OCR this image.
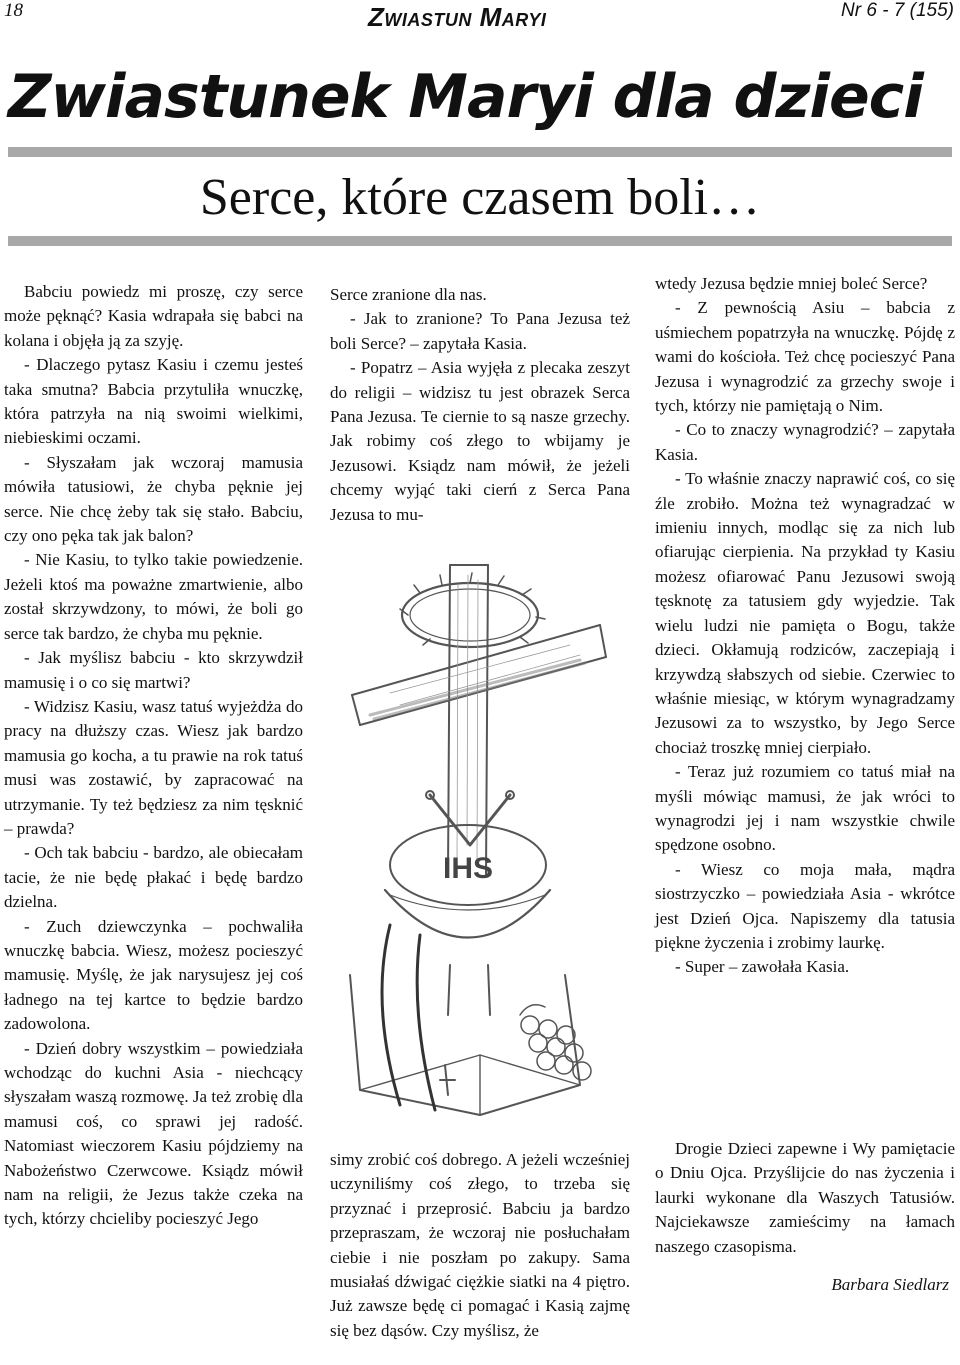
18	Zwiastun Maryi	Nr 6 - 7 (155)
Zwiastunek Maryi dla dzieci
Serce, które czasem boli…

Babciu powiedz mi proszę, czy serce może pęknąć? Kasia wdrapała się babci na kolana i objęła ją za szyję.

- Dlaczego pytasz Kasiu i czemu jesteś taka smutna? Babcia przytuliła wnuczkę, która patrzyła na nią swoimi wielkimi, niebieskimi oczami.

- Słyszałam jak wczoraj mamusia mówiła tatusiowi, że chyba pęknie jej serce. Nie chcę żeby tak się stało. Babciu, czy ono pęka tak jak balon?

- Nie Kasiu, to tylko takie powiedzenie. Jeżeli ktoś ma poważne zmartwienie, albo został skrzywdzony, to mówi, że boli go serce tak bardzo, że chyba mu pęknie.

- Jak myślisz babciu - kto skrzywdził mamusię i o co się martwi?

- Widzisz Kasiu, wasz tatuś wyjeżdża do pracy na dłuższy czas. Wiesz jak bardzo mamusia go kocha, a tu prawie na rok tatuś musi was zostawić, by zapracować na utrzymanie. Ty też będziesz za nim tęsknić – prawda?

- Och tak babciu - bardzo, ale obiecałam tacie, że nie będę płakać i będę bardzo dzielna.

- Zuch dziewczynka – pochwaliła wnuczkę babcia. Wiesz, możesz pocieszyć mamusię. Myślę, że jak narysujesz jej coś ładnego na tej kartce to będzie bardzo zadowolona.

- Dzień dobry wszystkim – powiedziała wchodząc do kuchni Asia - niechcący słyszałam waszą rozmowę. Ja też zrobię dla mamusi coś, co sprawi jej radość. Natomiast wieczorem Kasiu pójdziemy na Nabożeństwo Czerwcowe. Ksiądz mówił nam na religii, że Jezus także czeka na tych, którzy chcieliby pocieszyć Jego

Serce zranione dla nas.

- Jak to zranione? To Pana Jezusa też boli Serce? – zapytała Kasia.

- Popatrz – Asia wyjęła z plecaka zeszyt do religii – widzisz tu jest obrazek Serca Pana Jezusa. Te ciernie to są nasze grzechy. Jak robimy coś złego to wbijamy je Jezusowi. Ksiądz nam mówił, że jeżeli chcemy wyjąć taki cierń z Serca Pana Jezusa to mu-

IHS

simy zrobić coś dobrego. A jeżeli wcześniej uczyniliśmy coś złego, to trzeba się przyznać i przeprosić. Babciu ja bardzo przepraszam, że wczoraj nie posłuchałam ciebie i nie poszłam po zakupy. Sama musiałaś dźwigać ciężkie siatki na 4 piętro. Już zawsze będę ci pomagać i Kasią zajmę się bez dąsów. Czy myślisz, że

wtedy Jezusa będzie mniej boleć Serce?

- Z pewnością Asiu – babcia z uśmiechem popatrzyła na wnuczkę. Pójdę z wami do kościoła. Też chcę pocieszyć Pana Jezusa i wynagrodzić za grzechy swoje i tych, którzy nie pamiętają o Nim.

- Co to znaczy wynagrodzić? – zapytała Kasia.

- To właśnie znaczy naprawić coś, co się źle zrobiło. Można też wynagradzać w imieniu innych, modląc się za nich lub ofiarując cierpienia. Na przykład ty Kasiu możesz ofiarować Panu Jezusowi swoją tęsknotę za tatusiem gdy wyjedzie. Tak wielu ludzi nie pamięta o Bogu, także dzieci. Okłamują rodziców, zaczepiają i krzywdzą słabszych od siebie. Czerwiec to właśnie miesiąc, w którym wynagradzamy Jezusowi za to wszystko, by Jego Serce chociaż troszkę mniej cierpiało.

- Teraz już rozumiem co tatuś miał na myśli mówiąc mamusi, że jak wróci to wynagrodzi jej i nam wszystkie chwile spędzone osobno.

- Wiesz co moja mała, mądra siostrzyczko – powiedziała Asia - wkrótce jest Dzień Ojca. Napiszemy dla tatusia piękne życzenia i zrobimy laurkę.

- Super – zawołała Kasia.

Drogie Dzieci zapewne i Wy pamiętacie o Dniu Ojca. Przyślijcie do nas życzenia i laurki wykonane dla Waszych Tatusiów. Najciekawsze zamieścimy na łamach naszego czasopisma.

Barbara Siedlarz
